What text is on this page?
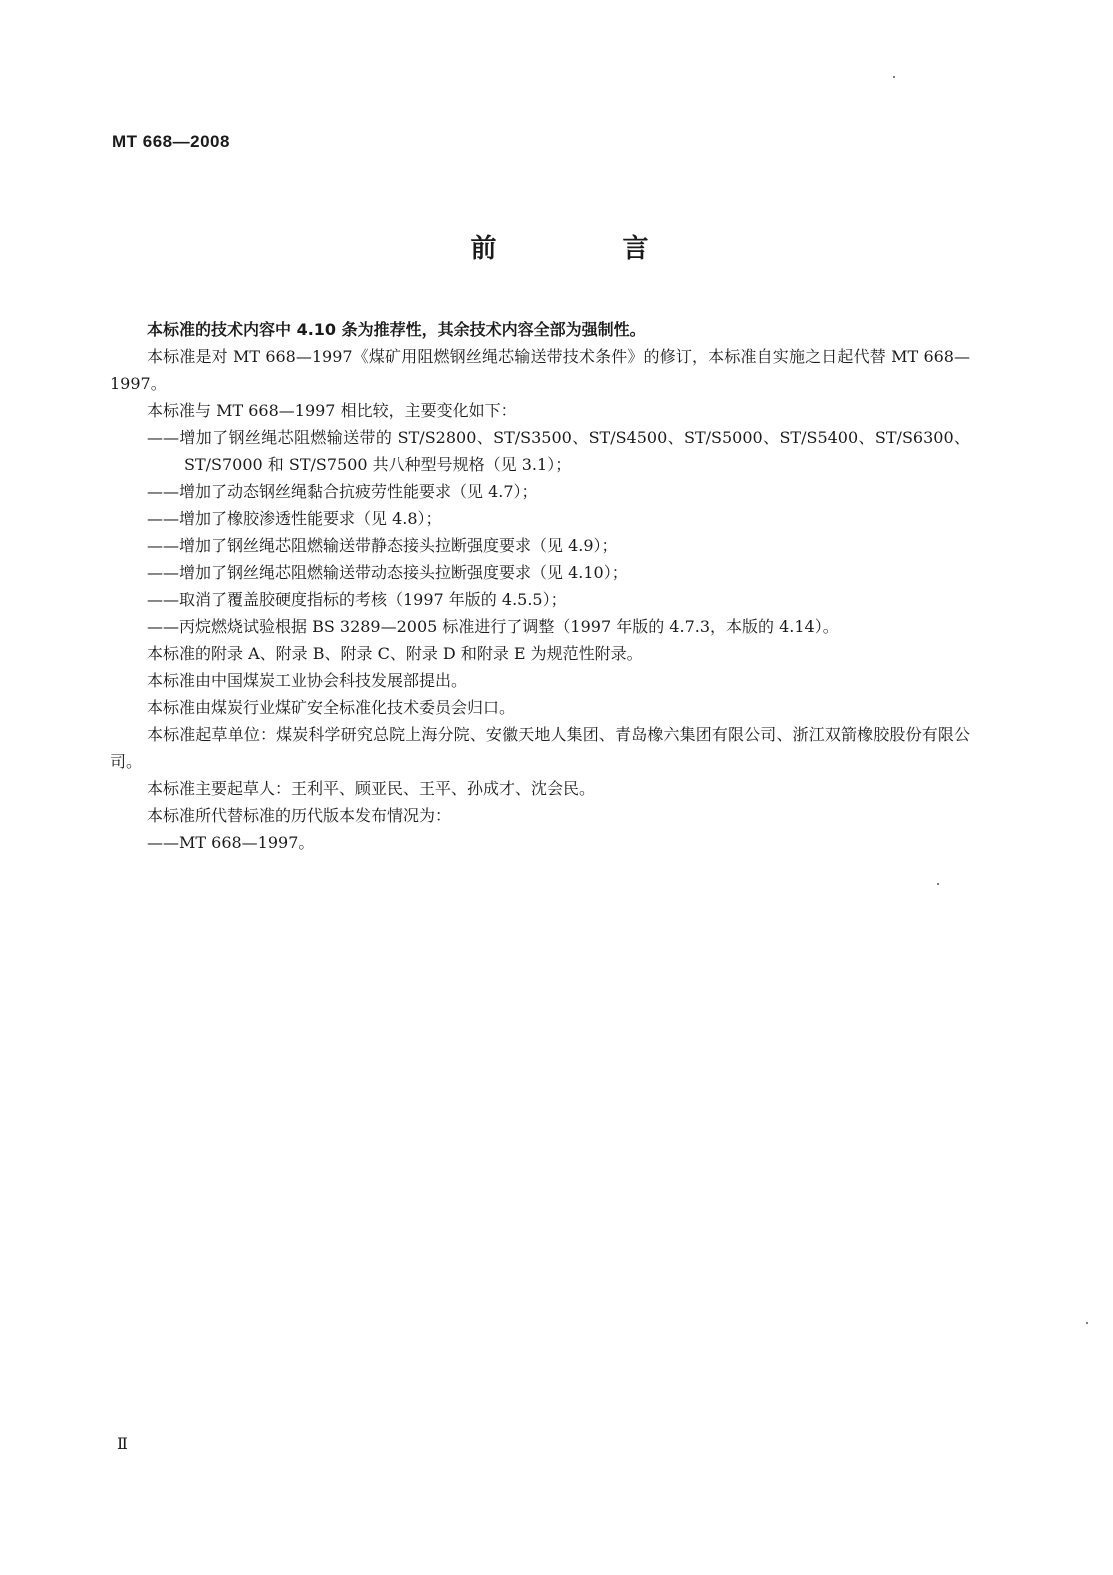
MT 668—2008
前　言

本标准的技术内容中 4.10 条为推荐性，其余技术内容全部为强制性。

本标准是对 MT 668—1997《煤矿用阻燃钢丝绳芯输送带技术条件》的修订，本标准自实施之日起代替 MT 668—1997。

本标准与 MT 668—1997 相比较，主要变化如下：

——增加了钢丝绳芯阻燃输送带的 ST/S2800、ST/S3500、ST/S4500、ST/S5000、ST/S5400、ST/S6300、ST/S7000 和 ST/S7500 共八种型号规格（见 3.1）；

——增加了动态钢丝绳黏合抗疲劳性能要求（见 4.7）；

——增加了橡胶渗透性能要求（见 4.8）；

——增加了钢丝绳芯阻燃输送带静态接头拉断强度要求（见 4.9）；

——增加了钢丝绳芯阻燃输送带动态接头拉断强度要求（见 4.10）；

——取消了覆盖胶硬度指标的考核（1997 年版的 4.5.5）；

——丙烷燃烧试验根据 BS 3289—2005 标准进行了调整（1997 年版的 4.7.3，本版的 4.14）。

本标准的附录 A、附录 B、附录 C、附录 D 和附录 E 为规范性附录。

本标准由中国煤炭工业协会科技发展部提出。

本标准由煤炭行业煤矿安全标准化技术委员会归口。

本标准起草单位：煤炭科学研究总院上海分院、安徽天地人集团、青岛橡六集团有限公司、浙江双箭橡胶股份有限公司。

本标准主要起草人：王利平、顾亚民、王平、孙成才、沈会民。

本标准所代替标准的历代版本发布情况为：

——MT 668—1997。

Ⅱ
